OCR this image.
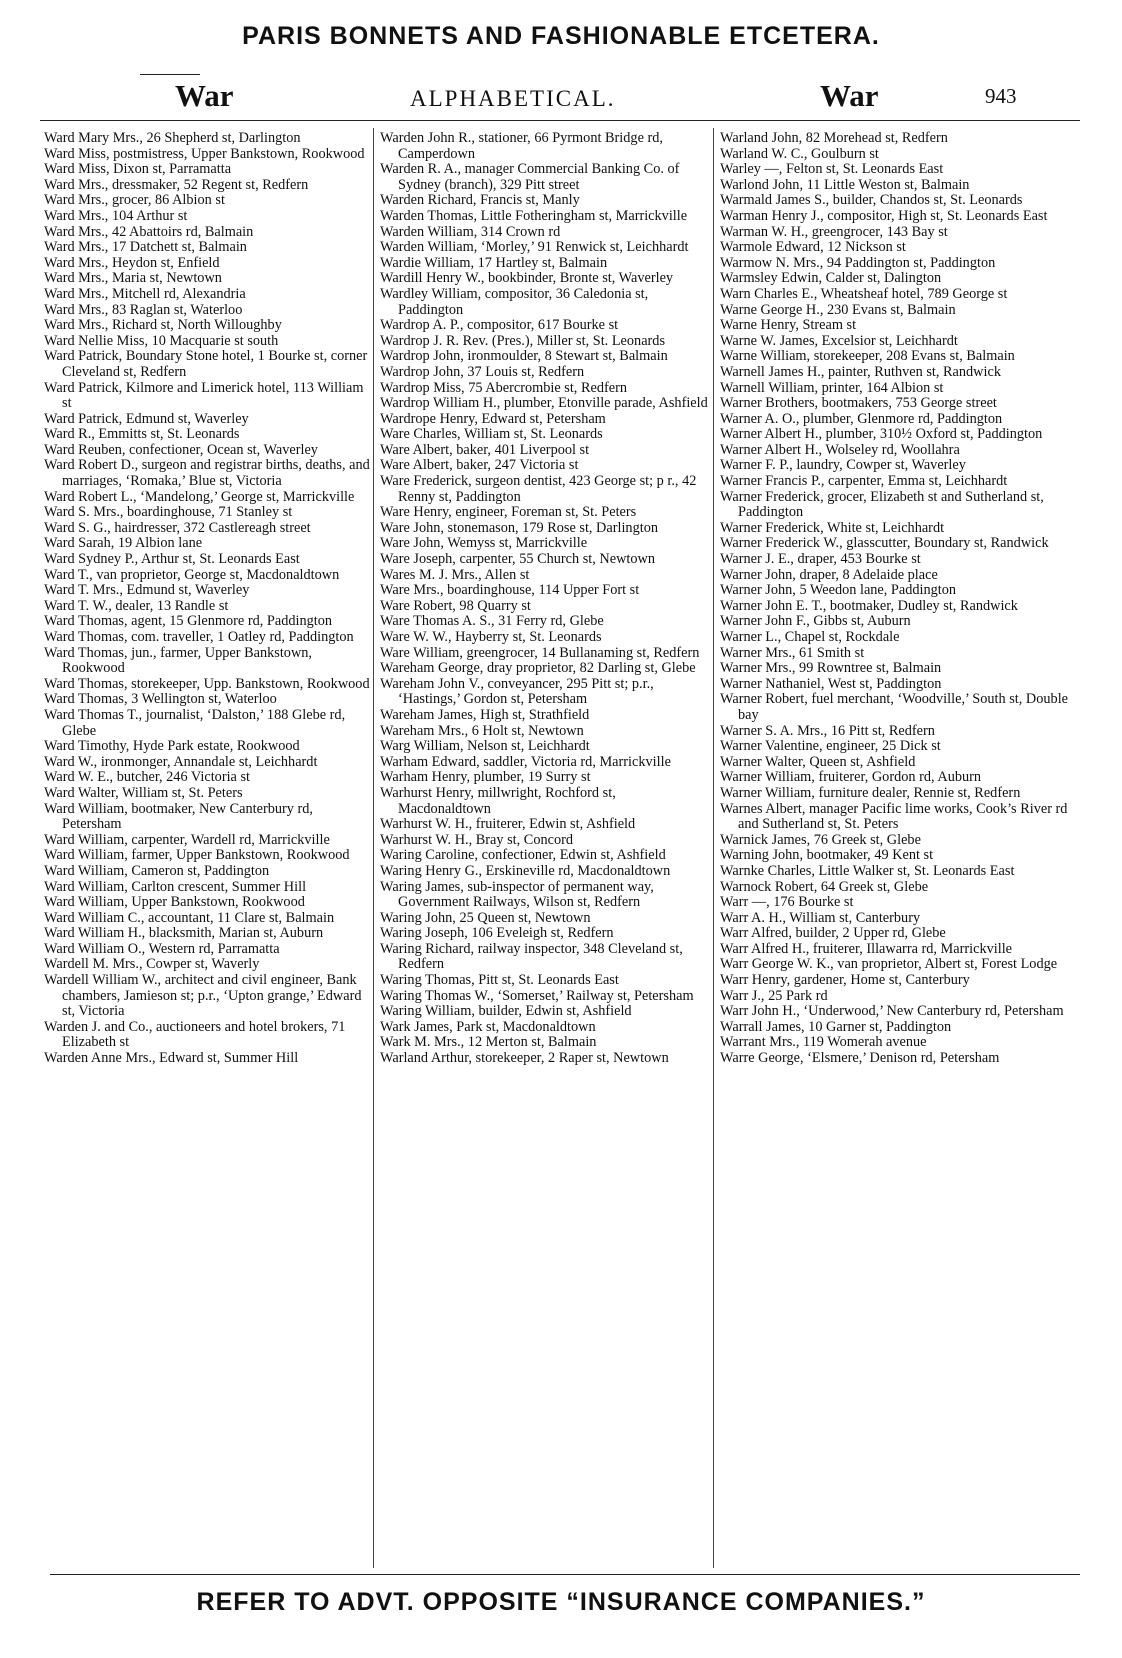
PARIS BONNETS AND FASHIONABLE ETCETERA.
War	ALPHABETICAL.	War	943
Ward Mary Mrs., 26 Shepherd st, Darlington
Ward Miss, postmistress, Upper Bankstown, Rookwood
Ward Miss, Dixon st, Parramatta
Ward Mrs., dressmaker, 52 Regent st, Redfern
Ward Mrs., grocer, 86 Albion st
Ward Mrs., 104 Arthur st
Ward Mrs., 42 Abattoirs rd, Balmain
Ward Mrs., 17 Datchett st, Balmain
Ward Mrs., Heydon st, Enfield
Ward Mrs., Maria st, Newtown
Ward Mrs., Mitchell rd, Alexandria
Ward Mrs., 83 Raglan st, Waterloo
Ward Mrs., Richard st, North Willoughby
Ward Nellie Miss, 10 Macquarie st south
Ward Patrick, Boundary Stone hotel, 1 Bourke st, corner Cleveland st, Redfern
Ward Patrick, Kilmore and Limerick hotel, 113 William st
Ward Patrick, Edmund st, Waverley
Ward R., Emmitts st, St. Leonards
Ward Reuben, confectioner, Ocean st, Waverley
Ward Robert D., surgeon and registrar births, deaths, and marriages, ‘Romaka,’ Blue st, Victoria
Ward Robert L., ‘Mandelong,’ George st, Marrickville
Ward S. Mrs., boardinghouse, 71 Stanley st
Ward S. G., hairdresser, 372 Castlereagh street
Ward Sarah, 19 Albion lane
Ward Sydney P., Arthur st, St. Leonards East
Ward T., van proprietor, George st, Macdonaldtown
Ward T. Mrs., Edmund st, Waverley
Ward T. W., dealer, 13 Randle st
Ward Thomas, agent, 15 Glenmore rd, Paddington
Ward Thomas, com. traveller, 1 Oatley rd, Paddington
Ward Thomas, jun., farmer, Upper Bankstown, Rookwood
Ward Thomas, storekeeper, Upp. Bankstown, Rookwood
Ward Thomas, 3 Wellington st, Waterloo
Ward Thomas T., journalist, ‘Dalston,’ 188 Glebe rd, Glebe
Ward Timothy, Hyde Park estate, Rookwood
Ward W., ironmonger, Annandale st, Leichhardt
Ward W. E., butcher, 246 Victoria st
Ward Walter, William st, St. Peters
Ward William, bootmaker, New Canterbury rd, Petersham
Ward William, carpenter, Wardell rd, Marrickville
Ward William, farmer, Upper Bankstown, Rookwood
Ward William, Cameron st, Paddington
Ward William, Carlton crescent, Summer Hill
Ward William, Upper Bankstown, Rookwood
Ward William C., accountant, 11 Clare st, Balmain
Ward William H., blacksmith, Marian st, Auburn
Ward William O., Western rd, Parramatta
Wardell M. Mrs., Cowper st, Waverly
Wardell William W., architect and civil engineer, Bank chambers, Jamieson st; p.r., ‘Upton grange,’ Edward st, Victoria
Warden J. and Co., auctioneers and hotel brokers, 71 Elizabeth st
Warden Anne Mrs., Edward st, Summer Hill
Warden John R., stationer, 66 Pyrmont Bridge rd, Camperdown
Warden R. A., manager Commercial Banking Co. of Sydney (branch), 329 Pitt street
Warden Richard, Francis st, Manly
Warden Thomas, Little Fotheringham st, Marrickville
Warden William, 314 Crown rd
Warden William, ‘Morley,’ 91 Renwick st, Leichhardt
Wardie William, 17 Hartley st, Balmain
Wardill Henry W., bookbinder, Bronte st, Waverley
Wardley William, compositor, 36 Caledonia st, Paddington
Wardrop A. P., compositor, 617 Bourke st
Wardrop J. R. Rev. (Pres.), Miller st, St. Leonards
Wardrop John, ironmoulder, 8 Stewart st, Balmain
Wardrop John, 37 Louis st, Redfern
Wardrop Miss, 75 Abercrombie st, Redfern
Wardrop William H., plumber, Etonville parade, Ashfield
Wardrope Henry, Edward st, Petersham
Ware Charles, William st, St. Leonards
Ware Albert, baker, 401 Liverpool st
Ware Albert, baker, 247 Victoria st
Ware Frederick, surgeon dentist, 423 George st; p r., 42 Renny st, Paddington
Ware Henry, engineer, Foreman st, St. Peters
Ware John, stonemason, 179 Rose st, Darlington
Ware John, Wemyss st, Marrickville
Ware Joseph, carpenter, 55 Church st, Newtown
Wares M. J. Mrs., Allen st
Ware Mrs., boardinghouse, 114 Upper Fort st
Ware Robert, 98 Quarry st
Ware Thomas A. S., 31 Ferry rd, Glebe
Ware W. W., Hayberry st, St. Leonards
Ware William, greengrocer, 14 Bullanaming st, Redfern
Wareham George, dray proprietor, 82 Darling st, Glebe
Wareham John V., conveyancer, 295 Pitt st; p.r., ‘Hastings,’ Gordon st, Petersham
Wareham James, High st, Strathfield
Wareham Mrs., 6 Holt st, Newtown
Warg William, Nelson st, Leichhardt
Warham Edward, saddler, Victoria rd, Marrickville
Warham Henry, plumber, 19 Surry st
Warhurst Henry, millwright, Rochford st, Macdonaldtown
Warhurst W. H., fruiterer, Edwin st, Ashfield
Warhurst W. H., Bray st, Concord
Waring Caroline, confectioner, Edwin st, Ashfield
Waring Henry G., Erskineville rd, Macdonaldtown
Waring James, sub-inspector of permanent way, Government Railways, Wilson st, Redfern
Waring John, 25 Queen st, Newtown
Waring Joseph, 106 Eveleigh st, Redfern
Waring Richard, railway inspector, 348 Cleveland st, Redfern
Waring Thomas, Pitt st, St. Leonards East
Waring Thomas W., ‘Somerset,’ Railway st, Petersham
Waring William, builder, Edwin st, Ashfield
Wark James, Park st, Macdonaldtown
Wark M. Mrs., 12 Merton st, Balmain
Warland Arthur, storekeeper, 2 Raper st, Newtown
Warland John, 82 Morehead st, Redfern
Warland W. C., Goulburn st
Warley —, Felton st, St. Leonards East
Warlond John, 11 Little Weston st, Balmain
Warmald James S., builder, Chandos st, St. Leonards
Warman Henry J., compositor, High st, St. Leonards East
Warman W. H., greengrocer, 143 Bay st
Warmole Edward, 12 Nickson st
Warmow N. Mrs., 94 Paddington st, Paddington
Warmsley Edwin, Calder st, Dalington
Warn Charles E., Wheatsheaf hotel, 789 George st
Warne George H., 230 Evans st, Balmain
Warne Henry, Stream st
Warne W. James, Excelsior st, Leichhardt
Warne William, storekeeper, 208 Evans st, Balmain
Warnell James H., painter, Ruthven st, Randwick
Warnell William, printer, 164 Albion st
Warner Brothers, bootmakers, 753 George street
Warner A. O., plumber, Glenmore rd, Paddington
Warner Albert H., plumber, 310½ Oxford st, Paddington
Warner Albert H., Wolseley rd, Woollahra
Warner F. P., laundry, Cowper st, Waverley
Warner Francis P., carpenter, Emma st, Leichhardt
Warner Frederick, grocer, Elizabeth st and Sutherland st, Paddington
Warner Frederick, White st, Leichhardt
Warner Frederick W., glasscutter, Boundary st, Randwick
Warner J. E., draper, 453 Bourke st
Warner John, draper, 8 Adelaide place
Warner John, 5 Weedon lane, Paddington
Warner John E. T., bootmaker, Dudley st, Randwick
Warner John F., Gibbs st, Auburn
Warner L., Chapel st, Rockdale
Warner Mrs., 61 Smith st
Warner Mrs., 99 Rowntree st, Balmain
Warner Nathaniel, West st, Paddington
Warner Robert, fuel merchant, ‘Woodville,’ South st, Double bay
Warner S. A. Mrs., 16 Pitt st, Redfern
Warner Valentine, engineer, 25 Dick st
Warner Walter, Queen st, Ashfield
Warner William, fruiterer, Gordon rd, Auburn
Warner William, furniture dealer, Rennie st, Redfern
Warnes Albert, manager Pacific lime works, Cook’s River rd and Sutherland st, St. Peters
Warnick James, 76 Greek st, Glebe
Warning John, bootmaker, 49 Kent st
Warnke Charles, Little Walker st, St. Leonards East
Warnock Robert, 64 Greek st, Glebe
Warr —, 176 Bourke st
Warr A. H., William st, Canterbury
Warr Alfred, builder, 2 Upper rd, Glebe
Warr Alfred H., fruiterer, Illawarra rd, Marrickville
Warr George W. K., van proprietor, Albert st, Forest Lodge
Warr Henry, gardener, Home st, Canterbury
Warr J., 25 Park rd
Warr John H., ‘Underwood,’ New Canterbury rd, Petersham
Warrall James, 10 Garner st, Paddington
Warrant Mrs., 119 Womerah avenue
Warre George, ‘Elsmere,’ Denison rd, Petersham
REFER TO ADVT. OPPOSITE “INSURANCE COMPANIES.”
